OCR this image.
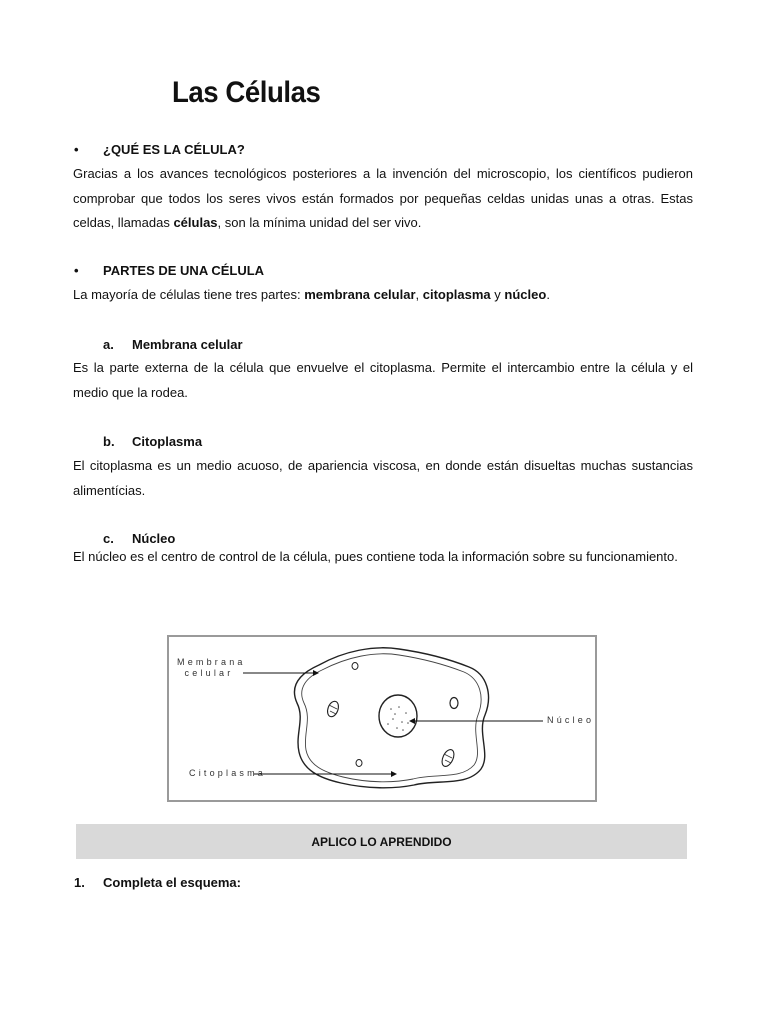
Las Células
• ¿QUÉ ES LA CÉLULA?

Gracias a los avances tecnológicos posteriores a la invención del microscopio, los científicos pudieron comprobar que todos los seres vivos están formados por pequeñas celdas unidas unas a otras. Estas celdas, llamadas células, son la mínima unidad del ser vivo.

• PARTES DE UNA CÉLULA

La mayoría de células tiene tres partes: membrana celular, citoplasma y núcleo.

a. Membrana celular

Es la parte externa de la célula que envuelve el citoplasma. Permite el intercambio entre la célula y el medio que la rodea.

b. Citoplasma

El citoplasma es un medio acuoso, de apariencia viscosa, en donde están disueltas muchas sustancias alimentícias.

c. Núcleo

El núcleo es el centro de control de la célula, pues contiene toda la información sobre su funcionamiento.

Membrana
celular
Núcleo
Citoplasma
APLICO LO APRENDIDO
1. Completa el esquema:
